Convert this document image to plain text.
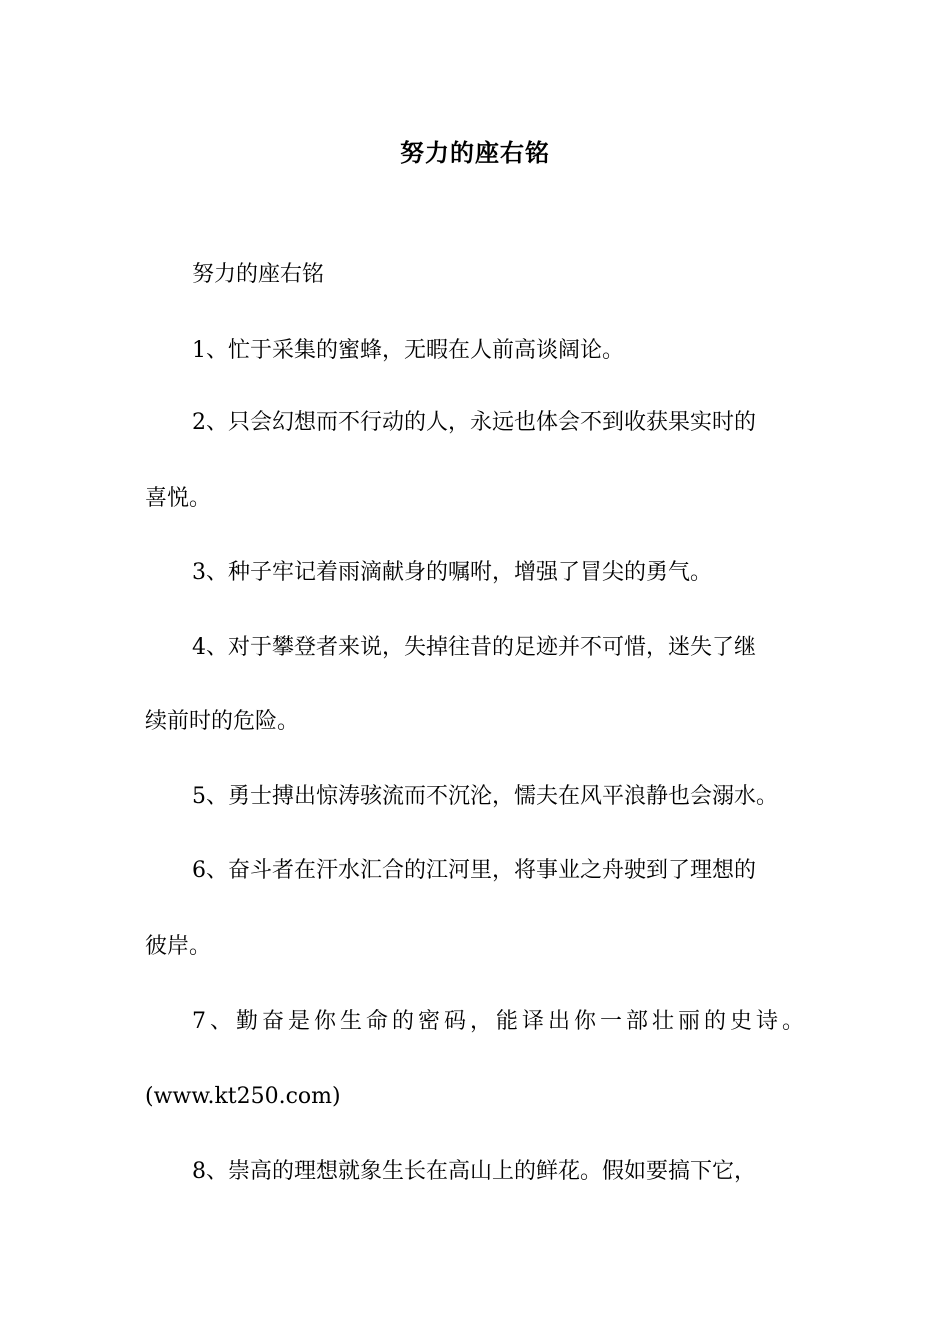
努力的座右铭
努力的座右铭
1、忙于采集的蜜蜂，无暇在人前高谈阔论。
2、只会幻想而不行动的人，永远也体会不到收获果实时的
喜悦。
3、种子牢记着雨滴献身的嘱咐，增强了冒尖的勇气。
4、对于攀登者来说，失掉往昔的足迹并不可惜，迷失了继
续前时的危险。
5、勇士搏出惊涛骇流而不沉沦，懦夫在风平浪静也会溺水。
6、奋斗者在汗水汇合的江河里，将事业之舟驶到了理想的
彼岸。
7、勤奋是你生命的密码，能译出你一部壮丽的史诗。
(www.kt250.com)
8、崇高的理想就象生长在高山上的鲜花。假如要搞下它，
